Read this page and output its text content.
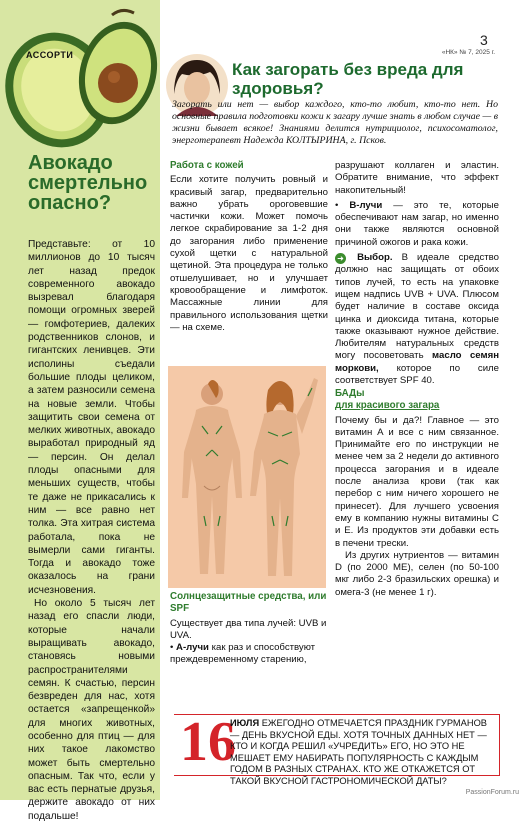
АССОРТИ
Авокадо смертельно опасно?

Представьте: от 10 миллионов до 10 тысяч лет назад предок современного авокадо вызревал благодаря помощи огромных зверей — гомфотериев, далеких родственников слонов, и гигантских ленивцев. Эти исполины съедали большие плоды целиком, а затем разносили семена на новые земли. Чтобы защитить свои семена от мелких животных, авокадо выработал природный яд — персин. Он делал плоды опасными для меньших существ, чтобы те даже не прикасались к ним — все равно нет толка. Эта хитрая система работала, пока не вымерли сами гиганты. Тогда и авокадо тоже оказалось на грани исчезновения.

Но около 5 тысяч лет назад его спасли люди, которые начали выращивать авокадо, становясь новыми распространителями семян. К счастью, персин безвреден для нас, хотя остается «запрещенкой» для многих животных, особенно для птиц — для них такое лакомство может быть смертельно опасным. Так что, если у вас есть пернатые друзья, держите авокадо от них подальше!

3
«НК» № 7, 2025 г.
Как загорать без вреда для здоровья?
Загорать или нет — выбор каждого, кто-то любит, кто-то нет. Но основные правила подготовки кожи к загару лучше знать в любом случае — в жизни бывает всякое! Знаниями делится нутрициолог, психосоматолог, энерготерапевт Надежда КОЛТЫРИНА, г. Псков.
Работа с кожей
Если хотите получить ровный и красивый загар, предварительно важно убрать ороговевшие частички кожи. Может помочь легкое скрабирование за 1-2 дня до загорания либо применение сухой щетки с натуральной щетиной. Эта процедура не только отшелушивает, но и улучшает кровообращение и лимфоток. Массажные линии для правильного использования щетки — на схеме.
Солнцезащитные средства, или SPF
Существует два типа лучей: UVB и UVA.
• А-лучи как раз и способствуют преждевременному старению,
разрушают коллаген и эластин. Обратите внимание, что эффект накопительный!
• В-лучи — это те, которые обеспечивают нам загар, но именно они также являются основной причиной ожогов и рака кожи.
➜ Выбор. В идеале средство должно нас защищать от обоих типов лучей, то есть на упаковке ищем надпись UVB + UVA. Плюсом будет наличие в составе оксида цинка и диоксида титана, которые также оказывают нужное действие. Любителям натуральных средств могу посоветовать масло семян моркови, которое по силе соответствует SPF 40.
БАДы
для красивого загара
Почему бы и да?! Главное — это витамин А и все с ним связанное. Принимайте его по инструкции не менее чем за 2 недели до активного процесса загорания и в идеале после анализа крови (так как перебор с ним ничего хорошего не принесет). Для лучшего усвоения ему в компанию нужны витамины С и Е. Из продуктов эти добавки есть в печени трески.
Из других нутриентов — витамин D (по 2000 МЕ), селен (по 50-100 мкг либо 2-3 бразильских орешка) и омега-3 (не менее 1 г).
16
ИЮЛЯ ЕЖЕГОДНО ОТМЕЧАЕТСЯ ПРАЗДНИК ГУРМАНОВ — ДЕНЬ ВКУСНОЙ ЕДЫ. ХОТЯ ТОЧНЫХ ДАННЫХ НЕТ — КТО И КОГДА РЕШИЛ «УЧРЕДИТЬ» ЕГО, НО ЭТО НЕ МЕШАЕТ ЕМУ НАБИРАТЬ ПОПУЛЯРНОСТЬ С КАЖДЫМ ГОДОМ В РАЗНЫХ СТРАНАХ. КТО ЖЕ ОТКАЖЕТСЯ ОТ ТАКОЙ ВКУСНОЙ ГАСТРОНОМИЧЕСКОЙ ДАТЫ?
PassionForum.ru
